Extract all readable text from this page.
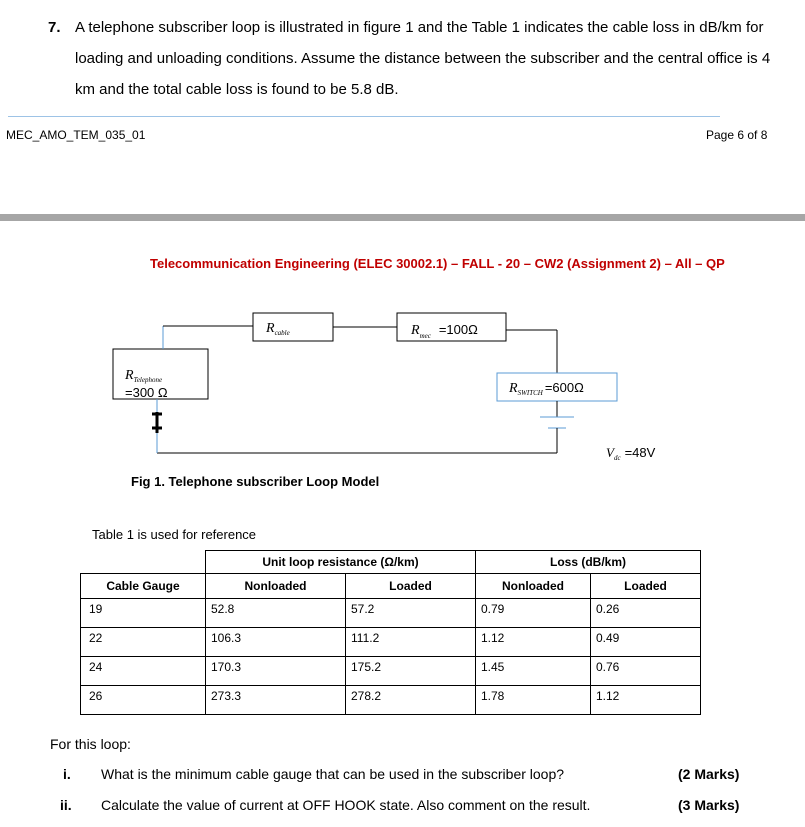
7. A telephone subscriber loop is illustrated in figure 1 and the Table 1 indicates the cable loss in dB/km for loading and unloading conditions. Assume the distance between the subscriber and the central office is 4 km and the total cable loss is found to be 5.8 dB.
MEC_AMO_TEM_035_01	Page 6 of 8
Telecommunication Engineering (ELEC 30002.1) – FALL - 20 – CW2 (Assignment 2) – All – QP
$R_{Telephone}$
=300 Ω
$R_{cable}$	$R_{mec} =100\Omega$
$R_{SWITCH} =600\Omega$
$V_{dc} =48V$
Fig 1. Telephone subscriber Loop Model
Table 1 is used for reference
	Unit loop resistance (Ω/km)		Loss (dB/km)	
Cable Gauge	Nonloaded	Loaded	Nonloaded	Loaded
19	52.8	57.2	0.79	0.26
22	106.3	111.2	1.12	0.49
24	170.3	175.2	1.45	0.76
26	273.3	278.2	1.78	1.12
For this loop:
i. What is the minimum cable gauge that can be used in the subscriber loop?	(2 Marks)
ii. Calculate the value of current at OFF HOOK state. Also comment on the result.	(3 Marks)
